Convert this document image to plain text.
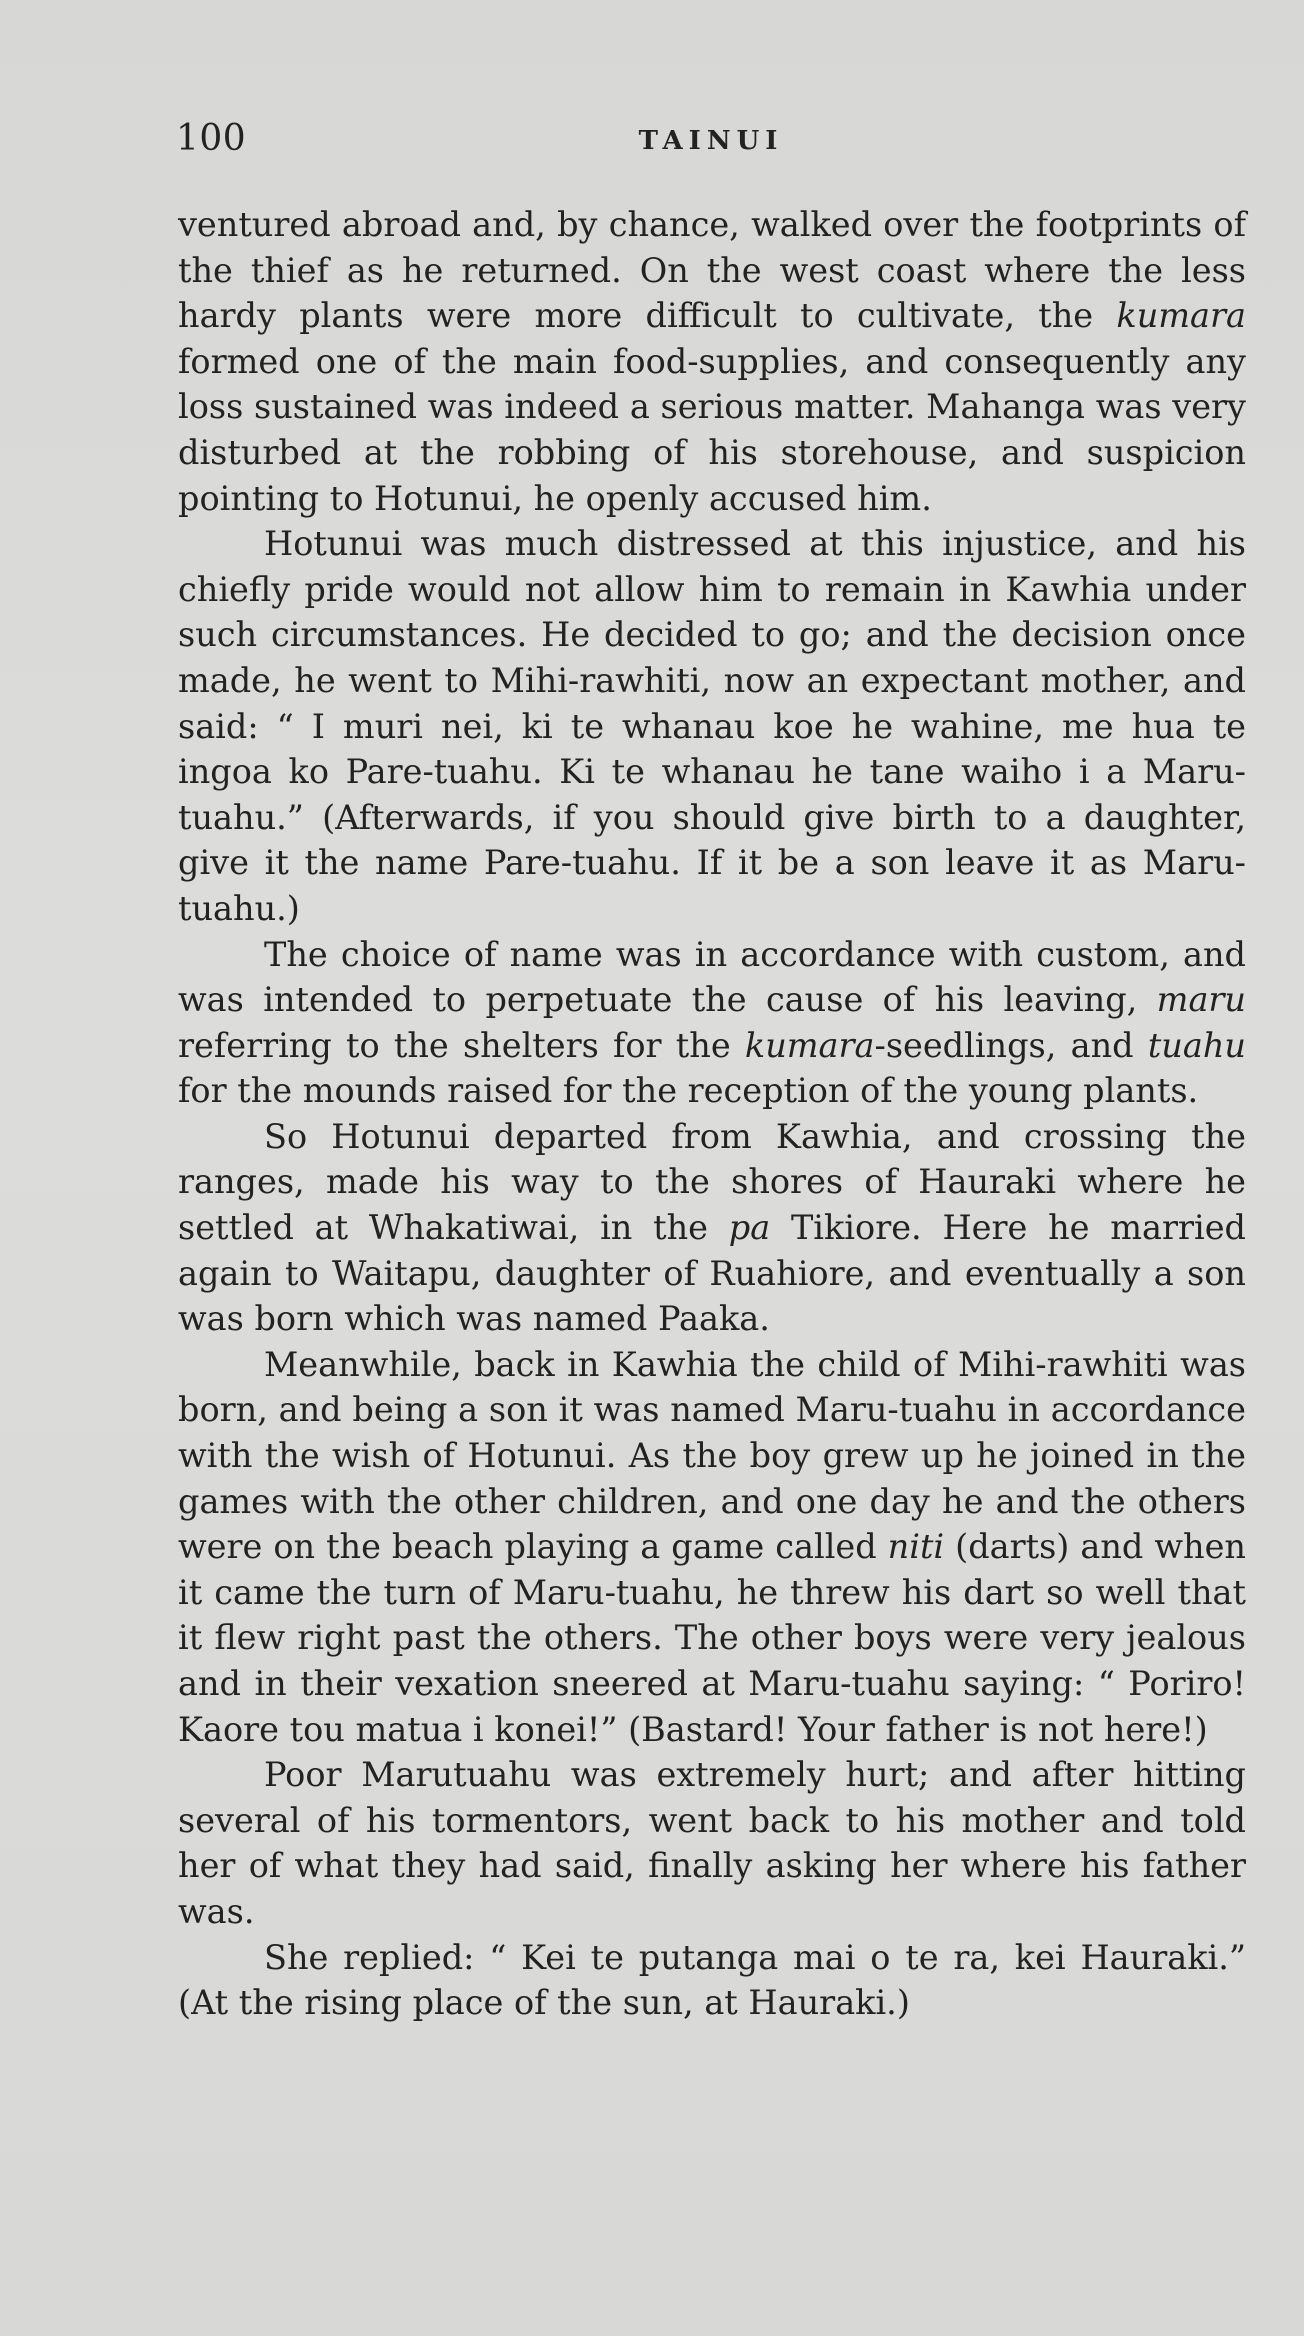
100	TAINUI

ventured abroad and, by chance, walked over the footprints of the thief as he returned. On the west coast where the less hardy plants were more difficult to cultivate, the kumara formed one of the main food-supplies, and consequently any loss sustained was indeed a serious matter. Mahanga was very disturbed at the robbing of his storehouse, and suspicion pointing to Hotunui, he openly accused him.

Hotunui was much distressed at this injustice, and his chiefly pride would not allow him to remain in Kawhia under such circumstances. He decided to go; and the decision once made, he went to Mihi-rawhiti, now an expectant mother, and said: “ I muri nei, ki te whanau koe he wahine, me hua te ingoa ko Pare-tuahu. Ki te whanau he tane waiho i a Maru-tuahu.” (Afterwards, if you should give birth to a daughter, give it the name Pare-tuahu. If it be a son leave it as Maru-tuahu.)

The choice of name was in accordance with custom, and was intended to perpetuate the cause of his leaving, maru referring to the shelters for the kumara-seedlings, and tuahu for the mounds raised for the reception of the young plants.

So Hotunui departed from Kawhia, and crossing the ranges, made his way to the shores of Hauraki where he settled at Whakatiwai, in the pa Tikiore. Here he married again to Waitapu, daughter of Ruahiore, and eventually a son was born which was named Paaka.

Meanwhile, back in Kawhia the child of Mihi-rawhiti was born, and being a son it was named Maru-tuahu in accordance with the wish of Hotunui. As the boy grew up he joined in the games with the other children, and one day he and the others were on the beach playing a game called niti (darts) and when it came the turn of Maru-tuahu, he threw his dart so well that it flew right past the others. The other boys were very jealous and in their vexation sneered at Maru-tuahu saying: “ Poriro! Kaore tou matua i konei!” (Bastard! Your father is not here!)

Poor Marutuahu was extremely hurt; and after hitting several of his tormentors, went back to his mother and told her of what they had said, finally asking her where his father was.

She replied: “ Kei te putanga mai o te ra, kei Hauraki.” (At the rising place of the sun, at Hauraki.)
